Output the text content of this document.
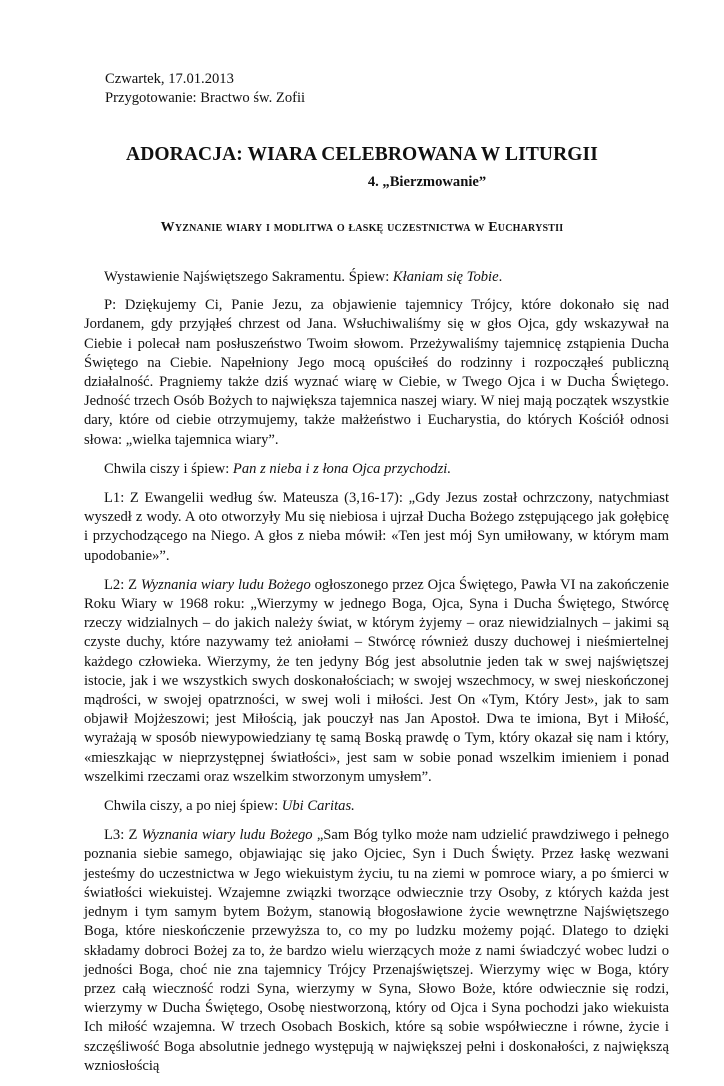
Czwartek, 17.01.2013
Przygotowanie: Bractwo św. Zofii
ADORACJA: WIARA CELEBROWANA W LITURGII
4. „Bierzmowanie”
Wyznanie wiary i modlitwa o łaskę uczestnictwa w Eucharystii

Wystawienie Najświętszego Sakramentu. Śpiew: Kłaniam się Tobie.

P: Dziękujemy Ci, Panie Jezu, za objawienie tajemnicy Trójcy, które dokonało się nad Jordanem, gdy przyjąłeś chrzest od Jana. Wsłuchiwaliśmy się w głos Ojca, gdy wskazywał na Ciebie i polecał nam posłuszeństwo Twoim słowom. Przeżywaliśmy tajemnicę zstąpienia Ducha Świętego na Ciebie. Napełniony Jego mocą opuściłeś do rodzinny i rozpocząłeś publiczną działalność. Pragniemy także dziś wyznać wiarę w Ciebie, w Twego Ojca i w Ducha Świętego. Jedność trzech Osób Bożych to największa tajemnica naszej wiary. W niej mają początek wszystkie dary, które od ciebie otrzymujemy, także małżeństwo i Eucharystia, do których Kościół odnosi słowa: „wielka tajemnica wiary”.

Chwila ciszy i śpiew: Pan z nieba i z łona Ojca przychodzi.

L1: Z Ewangelii według św. Mateusza (3,16-17): „Gdy Jezus został ochrzczony, natychmiast wyszedł z wody. A oto otworzyły Mu się niebiosa i ujrzał Ducha Bożego zstępującego jak gołębicę i przychodzącego na Niego. A głos z nieba mówił: «Ten jest mój Syn umiłowany, w którym mam upodobanie»”.

L2: Z Wyznania wiary ludu Bożego ogłoszonego przez Ojca Świętego, Pawła VI na zakończenie Roku Wiary w 1968 roku: „Wierzymy w jednego Boga, Ojca, Syna i Ducha Świętego, Stwórcę rzeczy widzialnych – do jakich należy świat, w którym żyjemy – oraz niewidzialnych – jakimi są czyste duchy, które nazywamy też aniołami – Stwórcę również duszy duchowej i nieśmiertelnej każdego człowieka. Wierzymy, że ten jedyny Bóg jest absolutnie jeden tak w swej najświętszej istocie, jak i we wszystkich swych doskonałościach; w swojej wszechmocy, w swej nieskończonej mądrości, w swojej opatrzności, w swej woli i miłości. Jest On «Tym, Który Jest», jak to sam objawił Mojżeszowi; jest Miłością, jak pouczył nas Jan Apostoł. Dwa te imiona, Byt i Miłość, wyrażają w sposób niewypowiedziany tę samą Boską prawdę o Tym, który okazał się nam i który, «mieszkając w nieprzystępnej światłości», jest sam w sobie ponad wszelkim imieniem i ponad wszelkimi rzeczami oraz wszelkim stworzonym umysłem”.

Chwila ciszy, a po niej śpiew: Ubi Caritas.

L3: Z Wyznania wiary ludu Bożego „Sam Bóg tylko może nam udzielić prawdziwego i pełnego poznania siebie samego, objawiając się jako Ojciec, Syn i Duch Święty. Przez łaskę wezwani jesteśmy do uczestnictwa w Jego wiekuistym życiu, tu na ziemi w pomroce wiary, a po śmierci w światłości wiekuistej. Wzajemne związki tworzące odwiecznie trzy Osoby, z których każda jest jednym i tym samym bytem Bożym, stanowią błogosławione życie wewnętrzne Najświętszego Boga, które nieskończenie przewyższa to, co my po ludzku możemy pojąć. Dlatego to dzięki składamy dobroci Bożej za to, że bardzo wielu wierzących może z nami świadczyć wobec ludzi o jedności Boga, choć nie zna tajemnicy Trójcy Przenajświętszej. Wierzymy więc w Boga, który przez całą wieczność rodzi Syna, wierzymy w Syna, Słowo Boże, które odwiecznie się rodzi, wierzymy w Ducha Świętego, Osobę niestworzoną, który od Ojca i Syna pochodzi jako wiekuista Ich miłość wzajemna. W trzech Osobach Boskich, które są sobie współwieczne i równe, życie i szczęśliwość Boga absolutnie jednego występują w największej pełni i doskonałości, z największą wzniosłością
